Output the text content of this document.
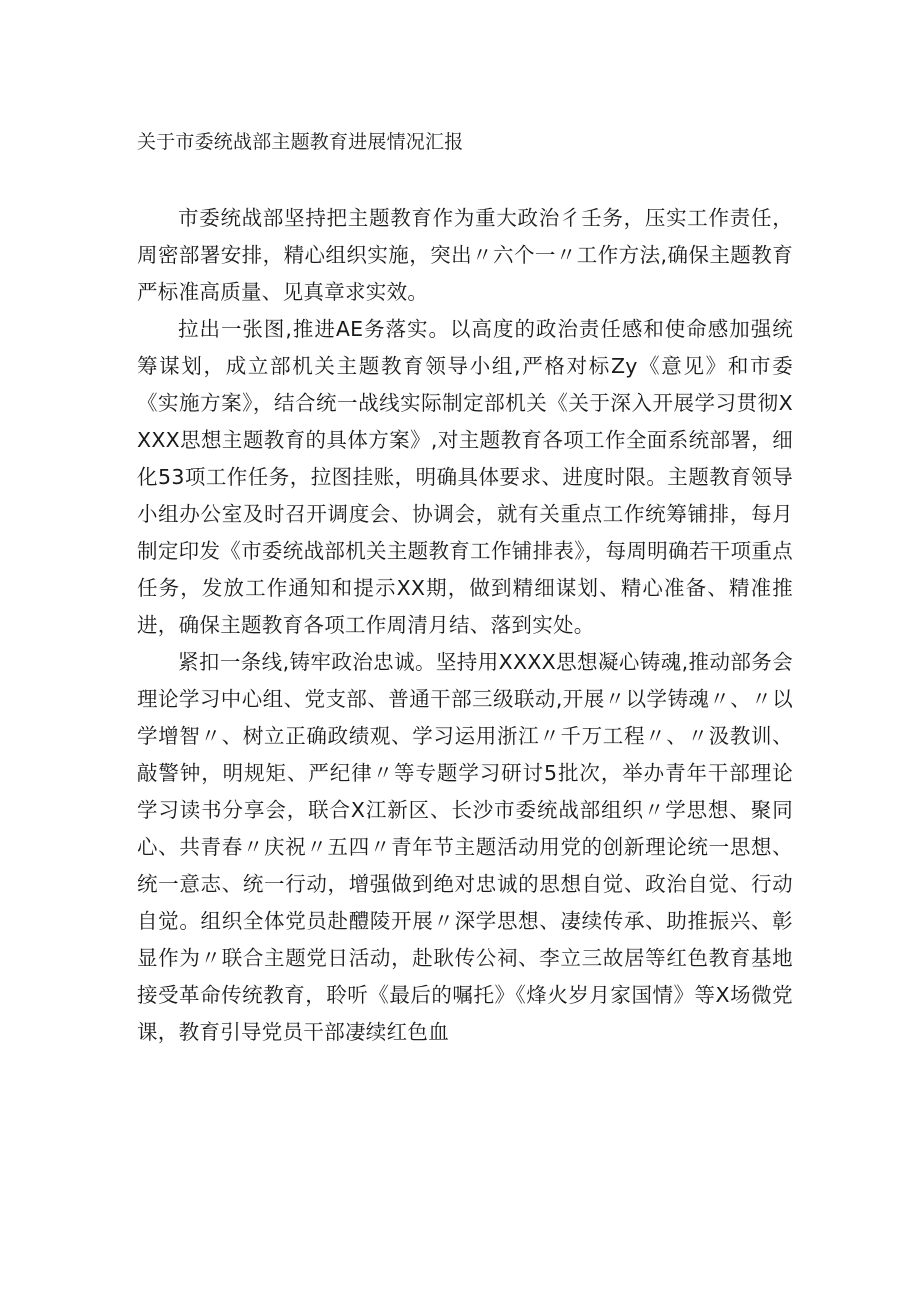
关于市委统战部主题教育进展情况汇报

市委统战部坚持把主题教育作为重大政治彳壬务，压实工作责任，周密部署安排，精心组织实施，突出〃六个一〃工作方法,确保主题教育严标准高质量、见真章求实效。

拉出一张图,推进AE务落实。以高度的政治责任感和使命感加强统筹谋划，成立部机关主题教育领导小组,严格对标Zy《意见》和市委《实施方案》，结合统一战线实际制定部机关《关于深入开展学习贯彻XXXX思想主题教育的具体方案》,对主题教育各项工作全面系统部署，细化53项工作任务，拉图挂账，明确具体要求、进度时限。主题教育领导小组办公室及时召开调度会、协调会，就有关重点工作统筹铺排，每月制定印发《市委统战部机关主题教育工作铺排表》，每周明确若干项重点任务，发放工作通知和提示XX期，做到精细谋划、精心准备、精准推进，确保主题教育各项工作周清月结、落到实处。

紧扣一条线,铸牢政治忠诚。坚持用XXXX思想凝心铸魂,推动部务会理论学习中心组、党支部、普通干部三级联动,开展〃以学铸魂〃、〃以学增智〃、树立正确政绩观、学习运用浙江〃千万工程〃、〃汲教训、敲警钟，明规矩、严纪律〃等专题学习研讨5批次，举办青年干部理论学习读书分享会，联合X江新区、长沙市委统战部组织〃学思想、聚同心、共青春〃庆祝〃五四〃青年节主题活动用党的创新理论统一思想、统一意志、统一行动，增强做到绝对忠诚的思想自觉、政治自觉、行动自觉。组织全体党员赴醴陵开展〃深学思想、凄续传承、助推振兴、彰显作为〃联合主题党日活动，赴耿传公祠、李立三故居等红色教育基地接受革命传统教育，聆听《最后的嘱托》《烽火岁月家国情》等X场微党课，教育引导党员干部凄续红色血
